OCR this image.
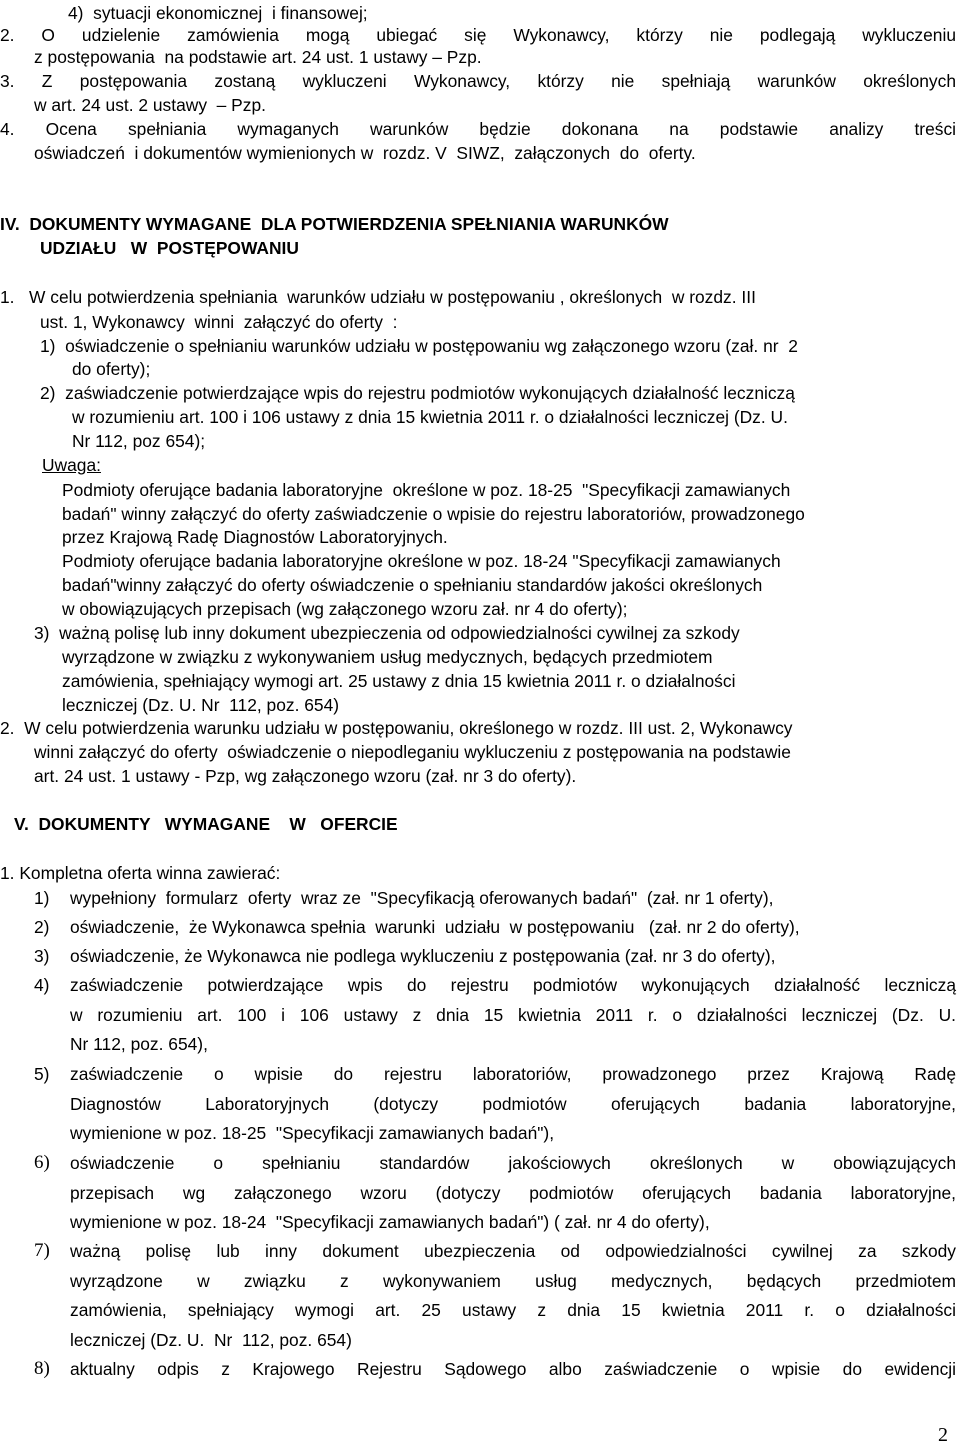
4)  sytuacji ekonomicznej  i finansowej;
2. O udzielenie zamówienia mogą ubiegać się Wykonawcy, którzy nie podlegają wykluczeniu
z postępowania  na podstawie art. 24 ust. 1 ustawy – Pzp.
3. Z postępowania zostaną wykluczeni Wykonawcy, którzy nie spełniają warunków określonych
w art. 24 ust. 2 ustawy  – Pzp.
4. Ocena spełniania wymaganych warunków będzie dokonana na podstawie analizy treści
oświadczeń  i dokumentów wymienionych w  rozdz. V  SIWZ,  załączonych  do  oferty.
IV.  DOKUMENTY WYMAGANE  DLA POTWIERDZENIA SPEŁNIANIA WARUNKÓW
UDZIAŁU   W  POSTĘPOWANIU
1.   W celu potwierdzenia spełniania  warunków udziału w postępowaniu , określonych  w rozdz. III
ust. 1, Wykonawcy  winni  załączyć do oferty  :
1)  oświadczenie o spełnianiu warunków udziału w postępowaniu wg załączonego wzoru (zał. nr  2
do oferty);
2)  zaświadczenie potwierdzające wpis do rejestru podmiotów wykonujących działalność leczniczą
w rozumieniu art. 100 i 106 ustawy z dnia 15 kwietnia 2011 r. o działalności leczniczej (Dz. U.
Nr 112, poz 654);
Uwaga:
Podmioty oferujące badania laboratoryjne  określone w poz. 18-25  "Specyfikacji zamawianych
badań" winny załączyć do oferty zaświadczenie o wpisie do rejestru laboratoriów, prowadzonego
przez Krajową Radę Diagnostów Laboratoryjnych.
Podmioty oferujące badania laboratoryjne określone w poz. 18-24 "Specyfikacji zamawianych
badań"winny załączyć do oferty oświadczenie o spełnianiu standardów jakości określonych
w obowiązujących przepisach (wg załączonego wzoru zał. nr 4 do oferty);
3)  ważną polisę lub inny dokument ubezpieczenia od odpowiedzialności cywilnej za szkody
wyrządzone w związku z wykonywaniem usług medycznych, będących przedmiotem
zamówienia, spełniający wymogi art. 25 ustawy z dnia 15 kwietnia 2011 r. o działalności
leczniczej (Dz. U. Nr  112, poz. 654)
2.  W celu potwierdzenia warunku udziału w postępowaniu, określonego w rozdz. III ust. 2, Wykonawcy
winni załączyć do oferty  oświadczenie o niepodleganiu wykluczeniu z postępowania na podstawie
art. 24 ust. 1 ustawy - Pzp, wg załączonego wzoru (zał. nr 3 do oferty).
V.  DOKUMENTY   WYMAGANE    W   OFERCIE
1. Kompletna oferta winna zawierać:
1) wypełniony  formularz  oferty  wraz ze  "Specyfikacją oferowanych badań"  (zał. nr 1 oferty),
2) oświadczenie,  że Wykonawca spełnia  warunki  udziału  w postępowaniu   (zał. nr 2 do oferty),
3) oświadczenie, że Wykonawca nie podlega wykluczeniu z postępowania (zał. nr 3 do oferty),
4) zaświadczenie potwierdzające wpis do rejestru podmiotów wykonujących działalność leczniczą
w rozumieniu art. 100 i 106 ustawy z dnia 15 kwietnia 2011 r. o działalności leczniczej (Dz. U.
Nr 112, poz. 654),
5) zaświadczenie o wpisie do rejestru laboratoriów, prowadzonego przez Krajową Radę
Diagnostów Laboratoryjnych (dotyczy podmiotów oferujących badania laboratoryjne,
wymienione w poz. 18-25  "Specyfikacji zamawianych badań"),
6) oświadczenie o spełnianiu standardów jakościowych określonych w obowiązujących
przepisach wg załączonego wzoru (dotyczy podmiotów oferujących badania laboratoryjne,
wymienione w poz. 18-24  "Specyfikacji zamawianych badań") ( zał. nr 4 do oferty),
7) ważną polisę lub inny dokument ubezpieczenia od odpowiedzialności cywilnej za szkody
wyrządzone w związku z wykonywaniem usług medycznych, będących przedmiotem
zamówienia, spełniający wymogi art. 25 ustawy z dnia 15 kwietnia 2011 r. o działalności
leczniczej (Dz. U.  Nr  112, poz. 654)
8) aktualny odpis z Krajowego Rejestru Sądowego albo zaświadczenie o wpisie do ewidencji
2
